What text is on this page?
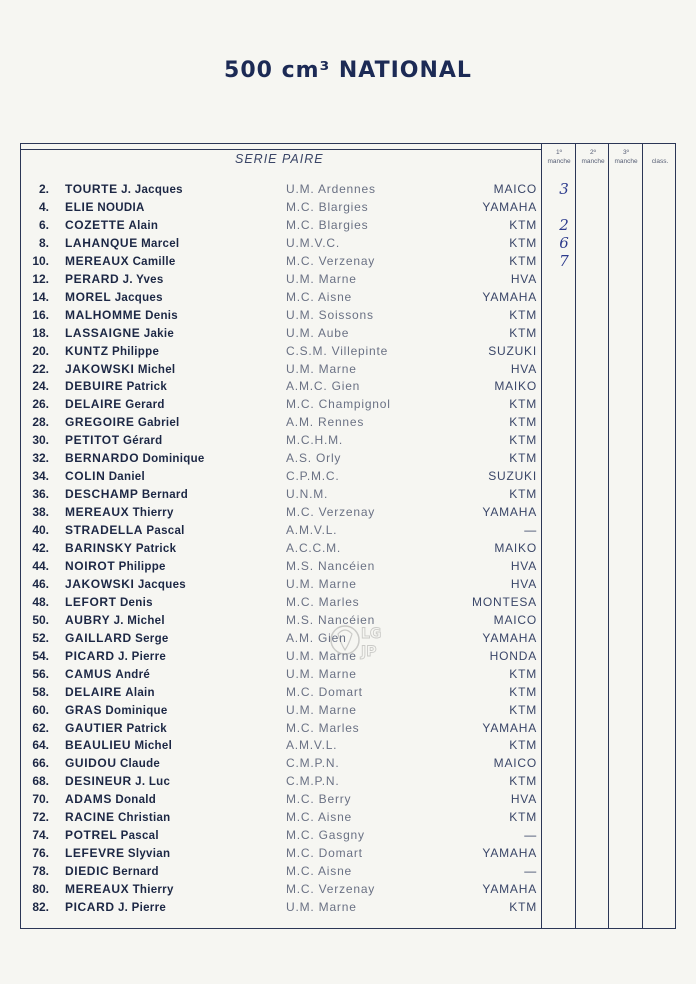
500 cm³ NATIONAL
SERIE PAIRE	1º manche
2º manche
3º manche	class.
2. TOURTE J. Jacques	U.M. Ardennes	MAICO	3
4. ELIE NOUDIA	M.C. Blargies	YAMAHA
6. COZETTE Alain	M.C. Blargies	KTM	2
8. LAHANQUE Marcel	U.M.V.C.	KTM	6
10. MEREAUX Camille	M.C. Verzenay	KTM	7
12. PERARD J. Yves	U.M. Marne	HVA
14. MOREL Jacques	M.C. Aisne	YAMAHA
16. MALHOMME Denis	U.M. Soissons	KTM
18. LASSAIGNE Jakie	U.M. Aube	KTM
20. KUNTZ Philippe	C.S.M. Villepinte	SUZUKI
22. JAKOWSKI Michel	U.M. Marne	HVA
24. DEBUIRE Patrick	A.M.C. Gien	MAIKO
26. DELAIRE Gerard	M.C. Champignol	KTM
28. GREGOIRE Gabriel	A.M. Rennes	KTM
30. PETITOT Gérard	M.C.H.M.	KTM
32. BERNARDO Dominique	A.S. Orly	KTM
34. COLIN Daniel	C.P.M.C.	SUZUKI
36. DESCHAMP Bernard	U.N.M.	KTM
38. MEREAUX Thierry	M.C. Verzenay	YAMAHA
40. STRADELLA Pascal	A.M.V.L.	—
42. BARINSKY Patrick	A.C.C.M.	MAIKO
44. NOIROT Philippe	M.S. Nancéien	HVA
46. JAKOWSKI Jacques	U.M. Marne	HVA
48. LEFORT Denis	M.C. Marles	MONTESA
50. AUBRY J. Michel	M.S. Nancéien	MAICO
52. GAILLARD Serge	A.M. Gien	YAMAHA
54. PICARD J. Pierre	U.M. Marne	HONDA
56. CAMUS André	U.M. Marne	KTM
58. DELAIRE Alain	M.C. Domart	KTM
60. GRAS Dominique	U.M. Marne	KTM
62. GAUTIER Patrick	M.C. Marles	YAMAHA
64. BEAULIEU Michel	A.M.V.L.	KTM
66. GUIDOU Claude	C.M.P.N.	MAICO
68. DESINEUR J. Luc	C.M.P.N.	KTM
70. ADAMS Donald	M.C. Berry	HVA
72. RACINE Christian	M.C. Aisne	KTM
74. POTREL Pascal	M.C. Gasgny	—
76. LEFEVRE Slyvian	M.C. Domart	YAMAHA
78. DIEDIC Bernard	M.C. Aisne	—
80. MEREAUX Thierry	M.C. Verzenay	YAMAHA
82. PICARD J. Pierre	U.M. Marne	KTM
LG
JP
